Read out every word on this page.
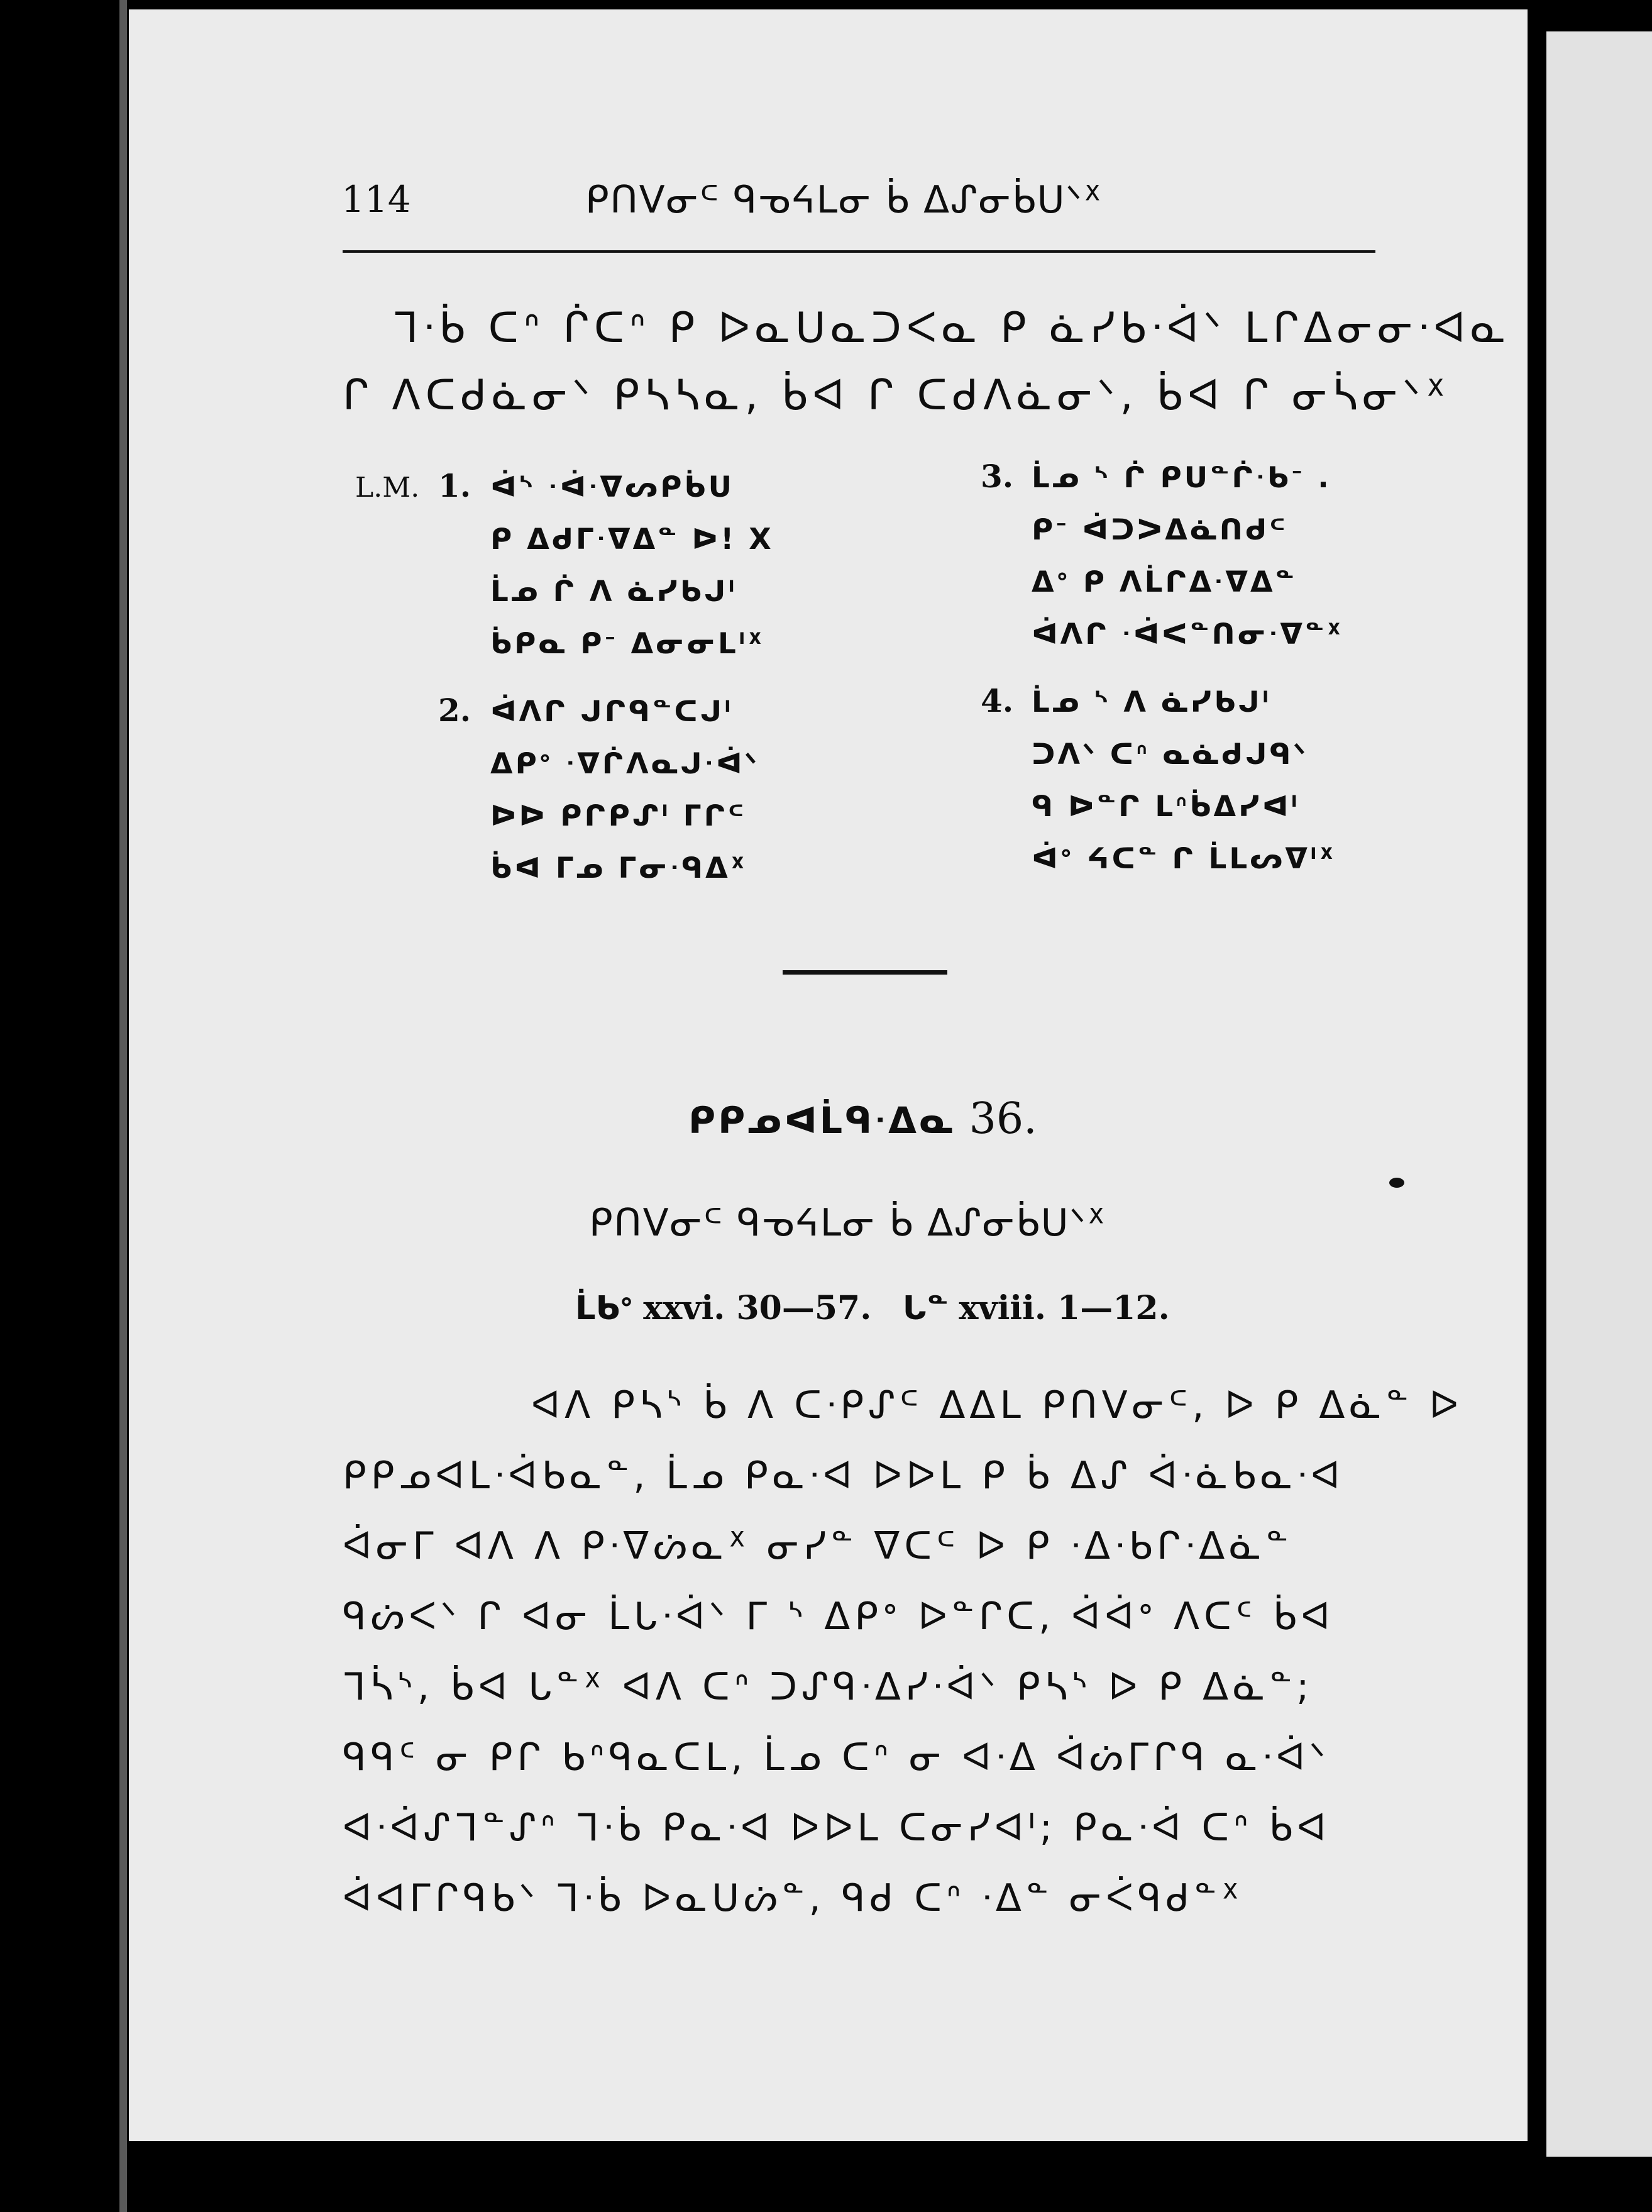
114	ᑭᑎᐯᓂᒼ ᑫᓀᔦᒪᓂ ᑳ ᐃᔑᓂᑳᑌᐠᕽ
ᒣᐧᑳ ᑕᐢ ᒌᑕᐢ ᑭ ᐅᓇᑌᓇᑐᐸᓇ ᑭ ᓈᓯᑲᐧᐋᐠ ᒪᒋᐃᓂᓂᐧᐊᓇ
ᒋ ᐱᑕᑯᓈᓂᐠ ᑭᓴᓴᓇ, ᑳᐊ ᒋ ᑕᑯᐱᓈᓂᐠ, ᑳᐊ ᒋ ᓂᓵᓂᐠᕽ
L.M. 1. ᐋᔅ ᐧᐋᐧᐁᔕᑭᑳᑌ
ᑭ ᐃᑯᒥᐧᐁᐃᓐ ᐅ! X
ᒫᓄ ᒌ ᐱ ᓈᓯᑲᒍᑊ
ᑳᑭᓇ ᑭᐨ ᐃᓂᓂᒪᑊᕽ
2. ᐋᐱᒋ ᒍᒋᑫᓐᑕᒍᑊ
ᐃᑭᐤ ᐧᐁᒌᐱᓇᒍᐧᐋᐠ
ᐅᐅ ᑭᒋᑭᔑᑊ ᒥᒋᒼ
ᑳᐊ ᒥᓄ ᒥᓂᐧᑫᐃᕽ
3. ᒫᓄ ᔅ ᒌ ᑭᑌᓐᒌᐧᑲᐨ .
ᑭᐨ ᐋᑐᐳᐃᓈᑎᑯᒼ
ᐃᐤ ᑭ ᐱᒫᒋᐃᐧᐁᐃᓐ
ᐋᐱᒋ ᐧᐋᐸᓐᑎᓂᐧᐁᓐᕽ
4. ᒫᓄ ᔅ ᐱ ᓈᓯᑲᒍᑊ
ᑐᐱᐠ ᑕᐢ ᓇᓈᑯᒍᑫᐠ
ᑫ ᐅᓐᒋ ᒪᐢᑳᐃᓯᐊᑊ
ᐋᐤ ᔦᑕᓐ ᒋ ᒫᒪᔕᐁᑊᕽ
ᑭᑭᓄᐊᒫᑫᐧᐃᓇ 36.
ᑭᑎᐯᓂᒼ ᑫᓀᔦᒪᓂ ᑳ ᐃᔑᓂᑳᑌᐠᕽ
ᒫᑲᐤ xxvi. 30—57. ᒐᓐ xviii. 1—12.
ᐊᐱ ᑭᓴᔅ ᑳ ᐱ ᑕᐧᑭᔑᒼ ᐃᐃᒪ ᑭᑎᐯᓂᒼ, ᐅ ᑭ ᐃᓈᓐ ᐅ
ᑭᑭᓄᐊᒪᐧᐋᑲᓇᓐ, ᒫᓄ ᑭᓇᐧᐊ ᐅᐅᒪ ᑭ ᑳ ᐃᔑ ᐋᐧᓈᑲᓇᐧᐊ
ᐋᓂᒥ ᐊᐱ ᐱ ᑭᐧᐁᔖᓇᕽ ᓂᓯᓐ ᐁᑕᒼ ᐅ ᑭ ᐧᐃᐧᑲᒋᐧᐃᓈᓐ
ᑫᔖᐸᐠ ᒋ ᐊᓂ ᒫᒐᐧᐋᐠ ᒥ ᔅ ᐃᑭᐤ ᐅᓐᒋᑕ, ᐋᐋᐤ ᐱᑕᑦ ᑳᐊ
ᒣᓵᔅ, ᑳᐊ ᒐᓐᕽ ᐊᐱ ᑕᐢ ᑐᔑᑫᐧᐃᓯᐧᐋᐠ ᑭᓴᔅ ᐅ ᑭ ᐃᓈᓐ;
ᑫᑫᑦ ᓂ ᑭᒋ ᑲᐢᑫᓇᑕᒪ, ᒫᓄ ᑕᐢ ᓂ ᐊᐧᐃ ᐋᔖᒥᒋᑫ ᓇᐧᐋᐠ
ᐊᐧᐋᔑᒣᓐᔑᐢ ᒣᐧᑳ ᑭᓇᐧᐊ ᐅᐅᒪ ᑕᓂᓯᐊᑊ; ᑭᓇᐧᐋ ᑕᐢ ᑳᐊ
ᐋᐊᒥᒋᑫᑲᐠ ᒣᐧᑳ ᐅᓇᑌᔖᓐ, ᑫᑯ ᑕᐢ ᐧᐃᓐ ᓂᐹᑫᑯᓐᕽ
